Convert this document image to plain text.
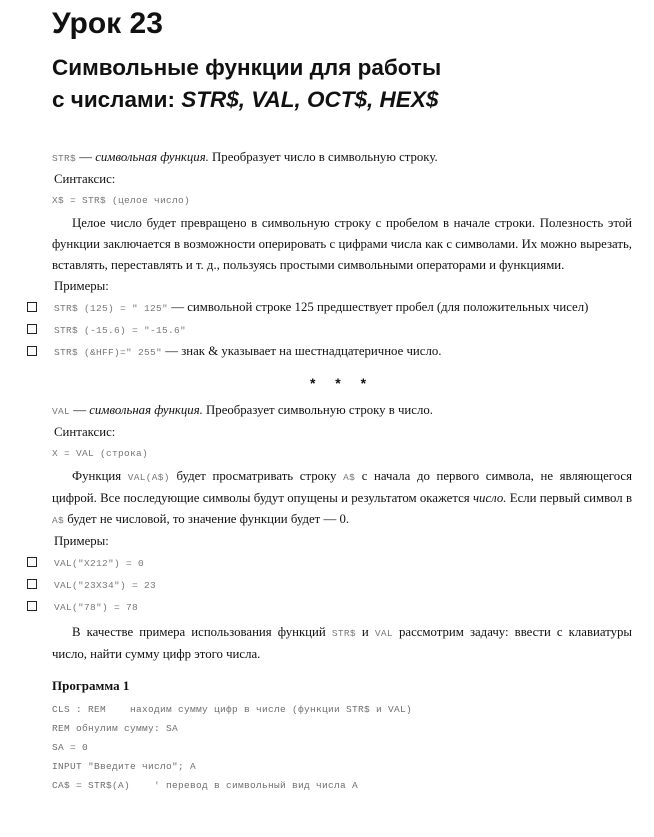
Урок 23
Символьные функции для работы
с числами: STR$, VAL, OCT$, HEX$
STR$ — символьная функция. Преобразует число в символьную строку.
Синтаксис:
X$ = STR$ (целое число)
Целое число будет превращено в символьную строку с пробелом в начале строки. Полезность этой функции заключается в возможности оперировать с цифрами числа как с символами. Их можно вырезать, вставлять, переставлять и т. д., пользуясь простыми символьными операторами и функциями.
Примеры:
STR$ (125) = " 125" — символьной строке 125 предшествует пробел (для положительных чисел)
STR$ (-15.6) = "-15.6"
STR$ (&HFF)=" 255" — знак & указывает на шестнадцатеричное число.
* * *
VAL — символьная функция. Преобразует символьную строку в число.
Синтаксис:
X = VAL (строка)
Функция VAL(A$) будет просматривать строку A$ с начала до первого символа, не являющегося цифрой. Все последующие символы будут опущены и результатом окажется число. Если первый символ в A$ будет не числовой, то значение функции будет — 0.
Примеры:
VAL("X212") = 0
VAL("23X34") = 23
VAL("78") = 78
В качестве примера использования функций STR$ и VAL рассмотрим задачу: ввести с клавиатуры число, найти сумму цифр этого числа.
Программа 1
CLS : REM    находим сумму цифр в числе (функции STR$ и VAL)
REM обнулим сумму: SA
SA = 0
INPUT "Введите число"; A
CA$ = STR$(A)    ' перевод в символьный вид числа A
